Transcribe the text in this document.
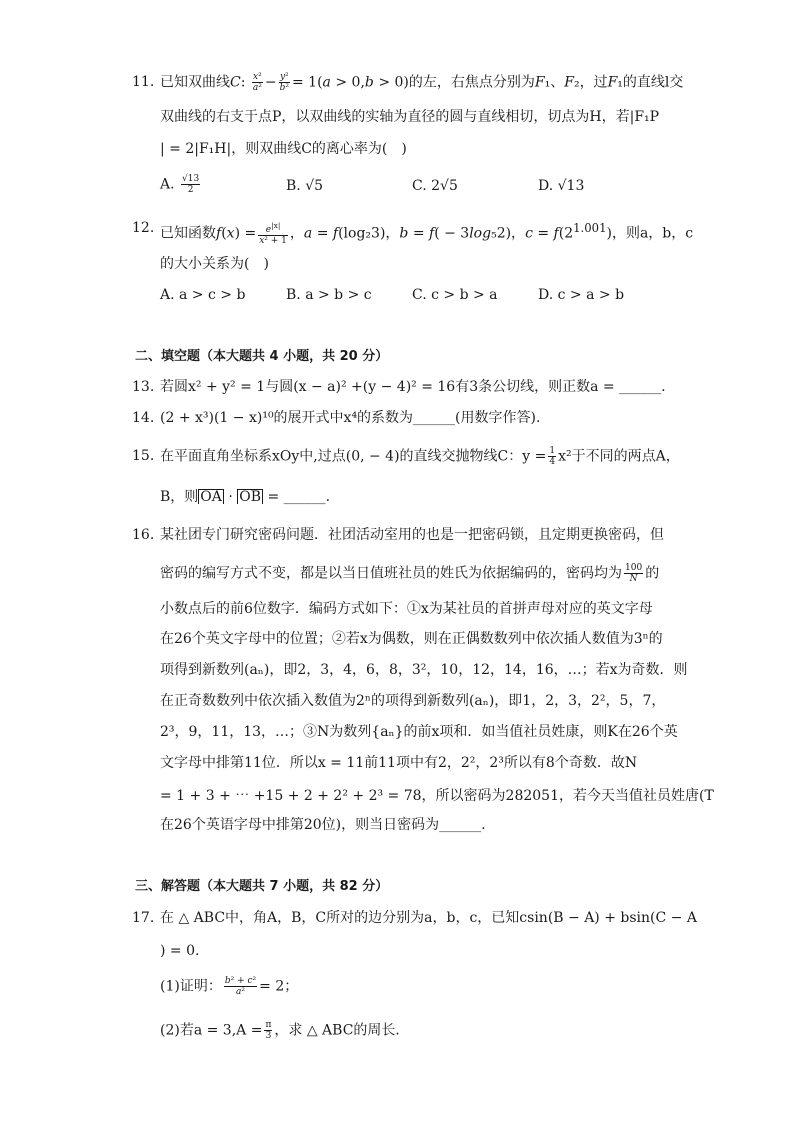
11. 已知双曲线C: $\frac{\text{x²}}{\text{a²}} - \frac{\text{y²}}{\text{b²}} = 1(a > 0,b > 0)$的左，右焦点分别为F₁、F₂，过F₁的直线l交
双曲线的右支于点P，以双曲线的实轴为直径的圆与直线相切，切点为H，若|F₁P
| = 2|F₁H|，则双曲线C的离心率为(　)
A. $\frac{√13}{2}$	B. √5	C. 2√5	D. √13
12. 已知函数$f(x) = \frac{e^{|x|}}{\text{x² + 1}}$ ，a = f(log₂3)，b = f( − 3log₅2)，$c = f(2^{1.001})$，则a，b，c
的大小关系为(　)
A. a > c > b	B. a > b > c	C. c > b > a	D. c > a > b
二、填空题（本大题共 4 小题，共 20 分）
13. 若圆x² + y² = 1与圆(x − a)² +(y − 4)² = 16有3条公切线，则正数a = ______.
14. (2 + x³)(1 − x)¹⁰的展开式中x⁴的系数为______(用数字作答).
15. 在平面直角坐标系xOy中,过点(0, − 4)的直线交抛物线C：$y = \frac{1}{4} x^2$于不同的两点A，
B，则 OA · OB = ______.
16. 某社团专门研究密码问题．社团活动室用的也是一把密码锁，且定期更换密码，但
密码的编写方式不变，都是以当日值班社员的姓氏为依据编码的，密码均为 $\frac{100}{N}$ 的
小数点后的前6位数字．编码方式如下：①x为某社员的首拼声母对应的英文字母
在26个英文字母中的位置；②若x为偶数，则在正偶数数列中依次插人数值为3ⁿ的
项得到新数列(aₙ)，即2，3，4，6，8，3²，10，12，14，16，…；若x为奇数．则
在正奇数数列中依次插入数值为2ⁿ的项得到新数列(aₙ)，即1，2，3，2²，5，7，
2³，9，11，13，…；③N为数列{aₙ}的前x项和．如当值社员姓康，则K在26个英
文字母中排第11位．所以x = 11前11项中有2，2²，2³所以有8个奇数．故N
= 1 + 3 + ⋯ +15 + 2 + 2² + 2³ = 78，所以密码为282051，若今天当值社员姓唐(T
在26个英语字母中排第20位)，则当日密码为______.
三、解答题（本大题共 7 小题，共 82 分）
17. 在 △ ABC中，角A，B，C所对的边分别为a，b，c，已知csin(B − A) + bsin(C − A
) = 0.
(1)证明： $\frac{\text{b² + c²}}{\text{a²}} = 2$；
(2)若$a = 3,A = \frac{\pi}{3}$ ，求 △ ABC的周长．
